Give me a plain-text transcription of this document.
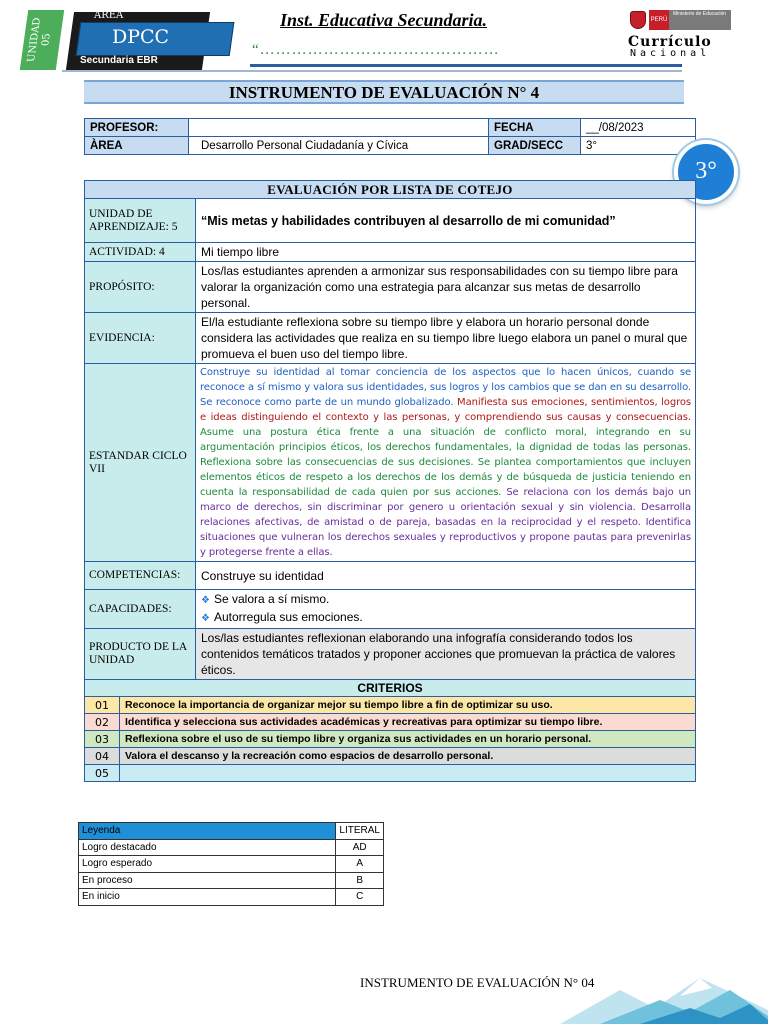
UNIDAD 05
ÁREA
DPCC
Secundaria EBR
Inst. Educativa Secundaria.
“………………………………………
PERÚ
Ministerio de Educación
Currículo
Nacional
INSTRUMENTO DE EVALUACIÓN N° 4
PROFESOR:		FECHA	__/08/2023
ÀREA	Desarrollo Personal Ciudadanía y Cívica	GRAD/SECC	3°
3°
EVALUACIÓN POR LISTA DE COTEJO		
UNIDAD DE APRENDIZAJE: 5		“Mis metas y habilidades contribuyen al desarrollo de mi comunidad”
ACTIVIDAD: 4		Mi tiempo libre
PROPÓSITO:		Los/las estudiantes aprenden a armonizar sus responsabilidades con su tiempo libre para valorar la organización como una estrategia para alcanzar sus metas de desarrollo personal.
EVIDENCIA:		El/la estudiante reflexiona sobre su tiempo libre y elabora un horario personal donde considera las actividades que realiza en su tiempo libre luego elabora un panel o mural que promueva el buen uso del tiempo libre.
ESTANDAR CICLO VII		Construye su identidad al tomar conciencia de los aspectos que lo hacen únicos, cuando se reconoce a sí mismo y valora sus identidades, sus logros y los cambios que se dan en su desarrollo. Se reconoce como parte de un mundo globalizado. Manifiesta sus emociones, sentimientos, logros e ideas distinguiendo el contexto y las personas, y comprendiendo sus causas y consecuencias. Asume una postura ética frente a una situación de conflicto moral, integrando en su argumentación principios éticos, los derechos fundamentales, la dignidad de todas las personas. Reflexiona sobre las consecuencias de sus decisiones. Se plantea comportamientos que incluyen elementos éticos de respeto a los derechos de los demás y de búsqueda de justicia teniendo en cuenta la responsabilidad de cada quien por sus acciones. Se relaciona con los demás bajo un marco de derechos, sin discriminar por genero u orientación sexual y sin violencia. Desarrolla relaciones afectivas, de amistad o de pareja, basadas en la reciprocidad y el respeto. Identifica situaciones que vulneran los derechos sexuales y reproductivos y propone pautas para prevenirlas y protegerse frente a ellas.
COMPETENCIAS:		Construye su identidad
CAPACIDADES:		❖ Se valora a sí mismo.
❖ Autorregula sus emociones.

PRODUCTO DE LA UNIDAD		Los/las estudiantes reflexionan elaborando una infografía considerando todos los contenidos temáticos tratados y proponer acciones que promuevan la práctica de valores éticos.
CRITERIOS		
01	Reconoce la importancia de organizar mejor su tiempo libre a fin de optimizar su uso.	
02	Identifica y selecciona sus actividades académicas y recreativas para optimizar su tiempo libre.	
03	Reflexiona sobre el uso de su tiempo libre y organiza sus actividades en un horario personal.	
04	Valora el descanso y la recreación como espacios de desarrollo personal.	
05		
Leyenda	LITERAL
Logro destacado	AD
Logro esperado	A
En proceso	B
En inicio	C
INSTRUMENTO DE EVALUACIÓN N° 04
